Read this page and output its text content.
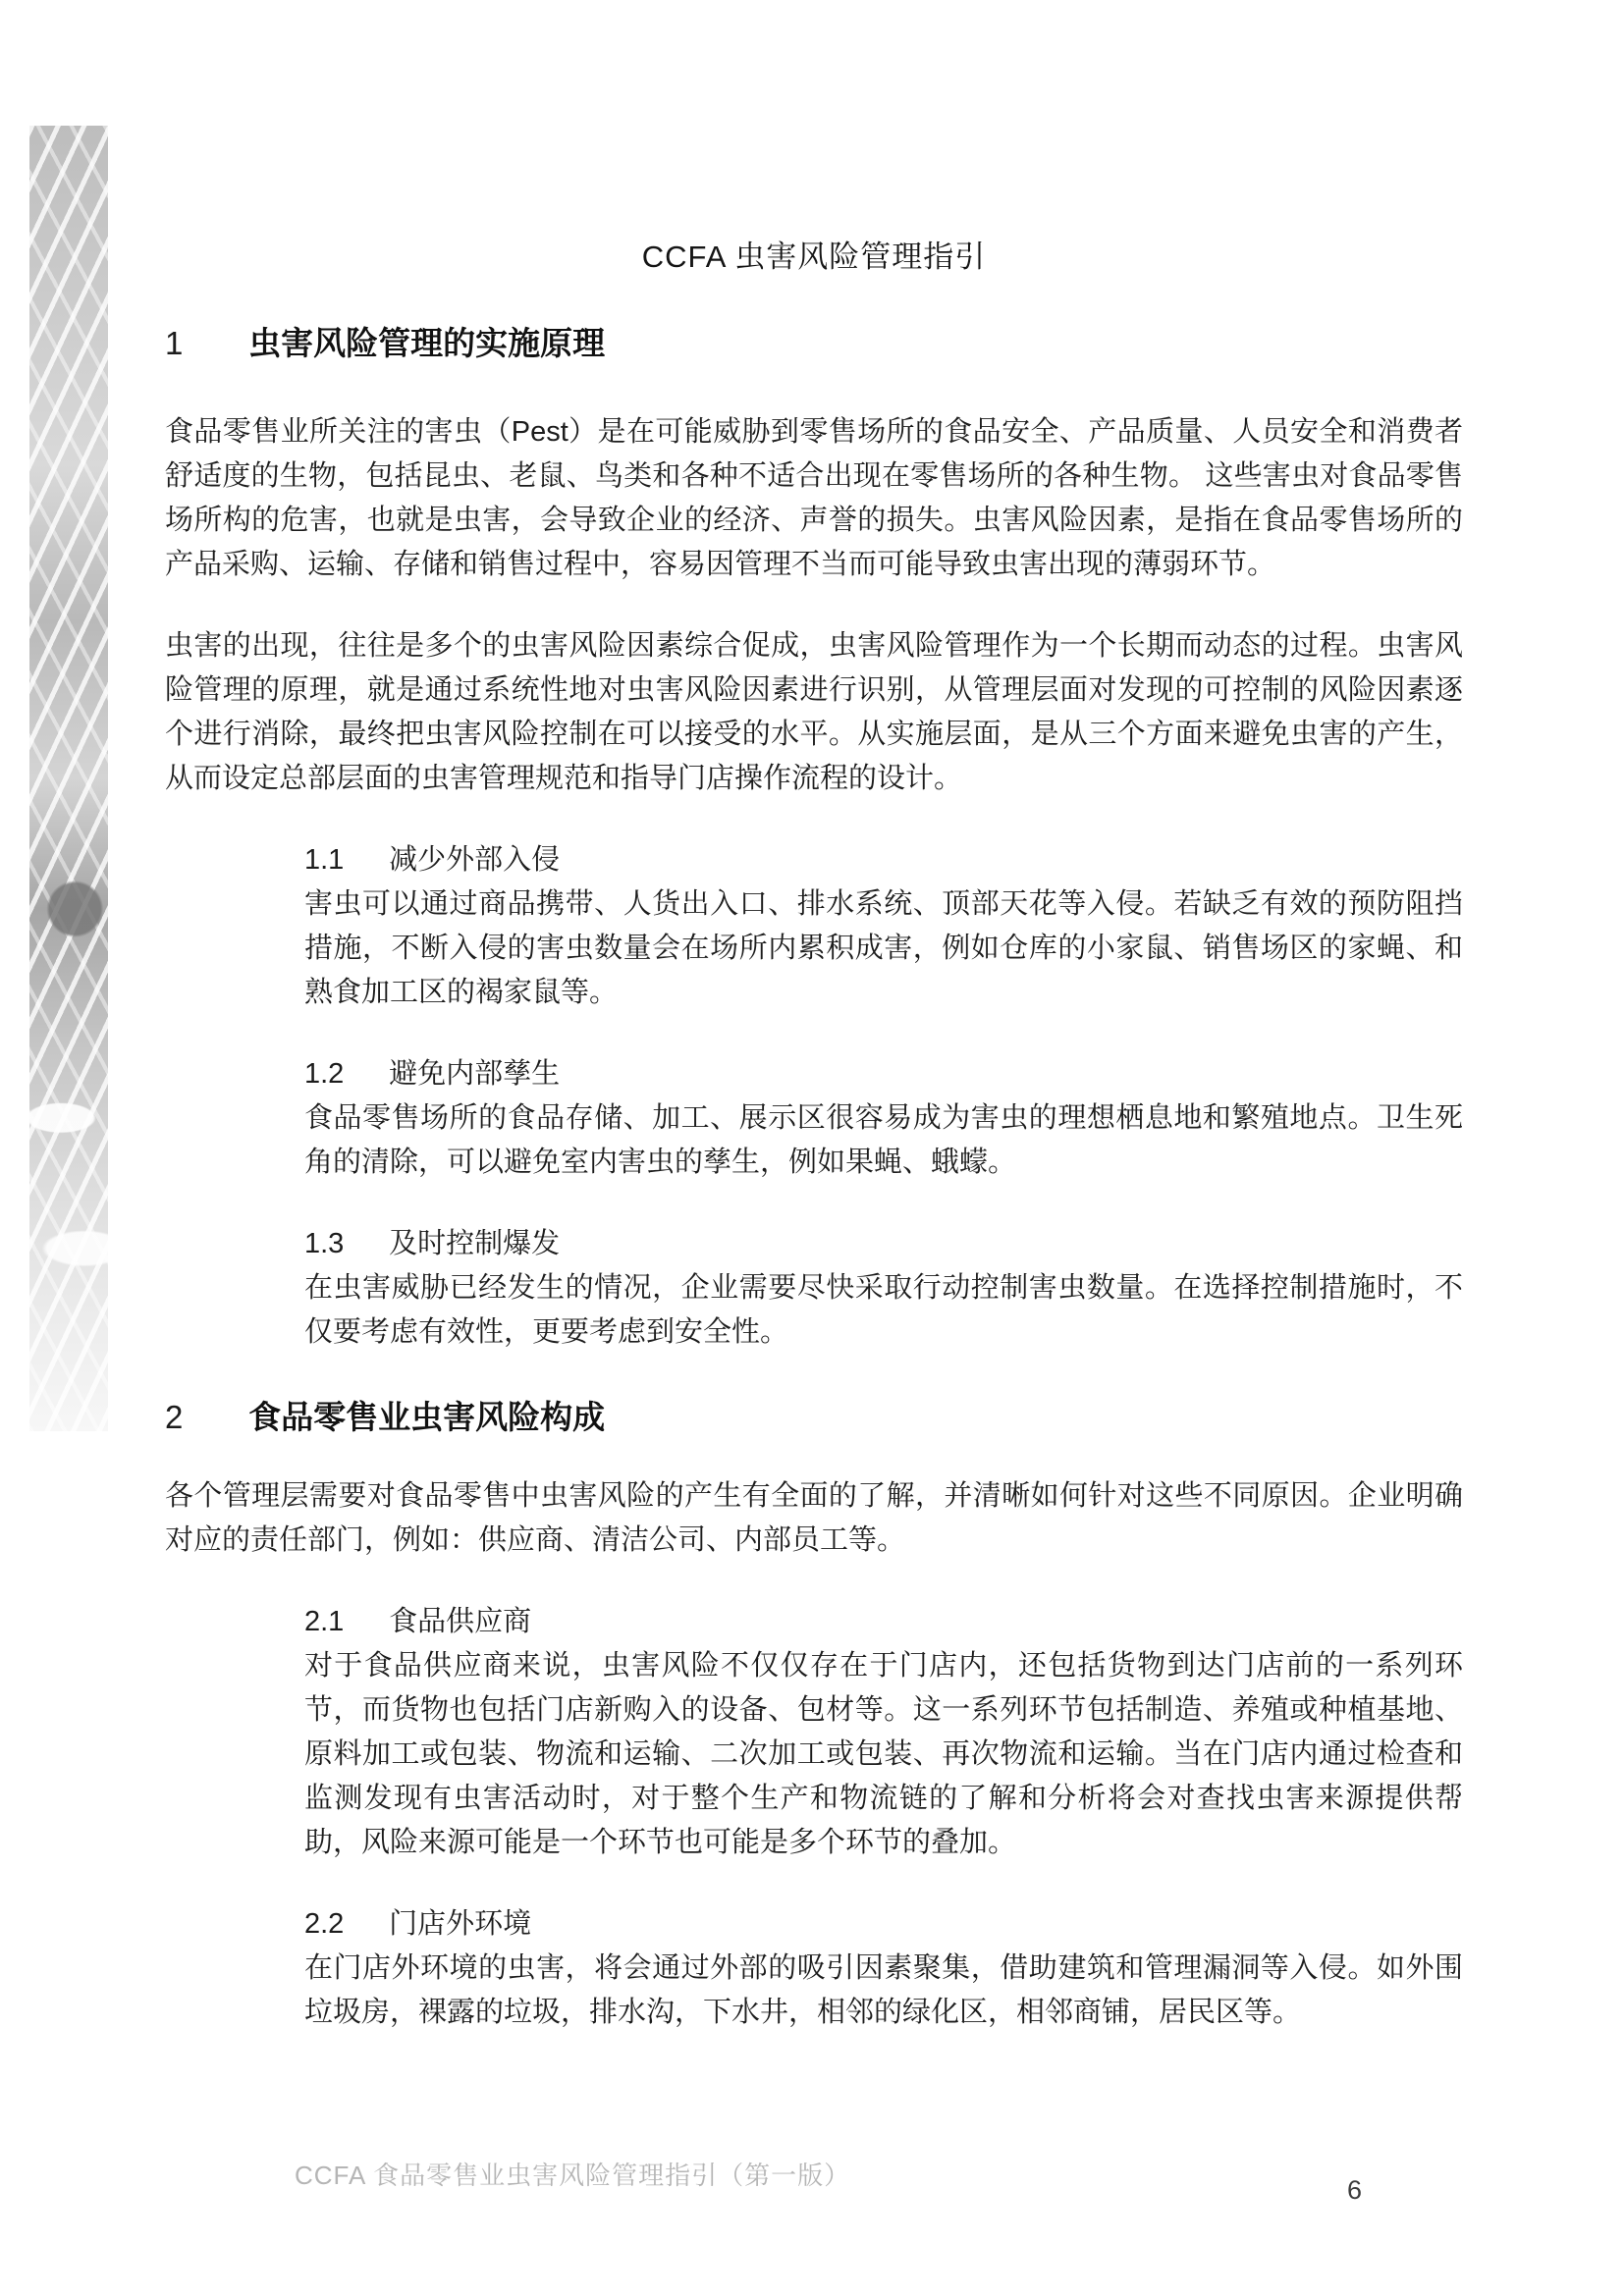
CCFA 虫害风险管理指引
1 虫害风险管理的实施原理

食品零售业所关注的害虫（Pest）是在可能威胁到零售场所的食品安全、产品质量、人员安全和消费者舒适度的生物，包括昆虫、老鼠、鸟类和各种不适合出现在零售场所的各种生物。 这些害虫对食品零售场所构的危害，也就是虫害，会导致企业的经济、声誉的损失。虫害风险因素，是指在食品零售场所的产品采购、运输、存储和销售过程中，容易因管理不当而可能导致虫害出现的薄弱环节。

虫害的出现，往往是多个的虫害风险因素综合促成，虫害风险管理作为一个长期而动态的过程。虫害风险管理的原理，就是通过系统性地对虫害风险因素进行识别，从管理层面对发现的可控制的风险因素逐个进行消除，最终把虫害风险控制在可以接受的水平。从实施层面，是从三个方面来避免虫害的产生，从而设定总部层面的虫害管理规范和指导门店操作流程的设计。

1.1 减少外部入侵

害虫可以通过商品携带、人货出入口、排水系统、顶部天花等入侵。若缺乏有效的预防阻挡措施，不断入侵的害虫数量会在场所内累积成害，例如仓库的小家鼠、销售场区的家蝇、和熟食加工区的褐家鼠等。

1.2 避免内部孳生

食品零售场所的食品存储、加工、展示区很容易成为害虫的理想栖息地和繁殖地点。卫生死角的清除，可以避免室内害虫的孳生，例如果蝇、蛾蠓。

1.3 及时控制爆发

在虫害威胁已经发生的情况，企业需要尽快采取行动控制害虫数量。在选择控制措施时，不仅要考虑有效性，更要考虑到安全性。

2 食品零售业虫害风险构成

各个管理层需要对食品零售中虫害风险的产生有全面的了解，并清晰如何针对这些不同原因。企业明确对应的责任部门，例如：供应商、清洁公司、内部员工等。

2.1 食品供应商

对于食品供应商来说，虫害风险不仅仅存在于门店内，还包括货物到达门店前的一系列环节，而货物也包括门店新购入的设备、包材等。这一系列环节包括制造、养殖或种植基地、原料加工或包装、物流和运输、二次加工或包装、再次物流和运输。当在门店内通过检查和监测发现有虫害活动时，对于整个生产和物流链的了解和分析将会对查找虫害来源提供帮助，风险来源可能是一个环节也可能是多个环节的叠加。

2.2 门店外环境

在门店外环境的虫害，将会通过外部的吸引因素聚集，借助建筑和管理漏洞等入侵。如外围垃圾房，裸露的垃圾，排水沟，下水井，相邻的绿化区，相邻商铺，居民区等。

CCFA 食品零售业虫害风险管理指引（第一版）	6
